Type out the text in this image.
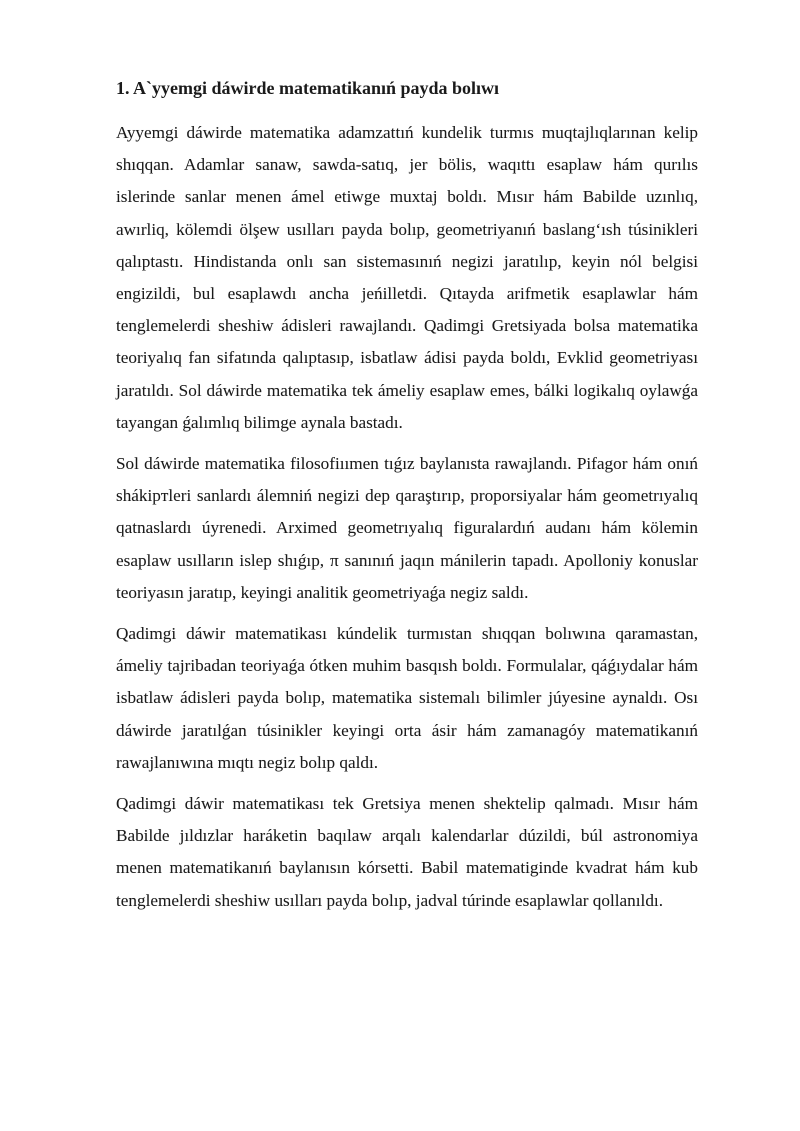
1. A`yyemgi dáwirde matematikanıń payda bolıwı

Ayyemgi dáwirde matematika adamzattıń kundelik turmıs muqtajlıqlarınan kelip shıqqan. Adamlar sanaw, sawda-satıq, jer bölis, waqıttı esaplaw hám qurılıs islerinde sanlar menen ámel etiwge muxtaj boldı. Mısır hám Babilde uzınlıq, awırliq, kölemdi ölşew usılları payda bolıp, geometriyanıń baslang‘ısh túsinikleri qalıptastı. Hindistanda onlı san sistemasınıń negizi jaratılıp, keyin nól belgisi engizildi, bul esaplawdı ancha jeńilletdi. Qıtayda arifmetik esaplawlar hám tenglemelerdi sheshiw ádisleri rawajlandı. Qadimgi Gretsiyada bolsa matematika teoriyalıq fan sifatında qalıptasıp, isbatlaw ádisi payda boldı, Evklid geometriyası jaratıldı. Sol dáwirde matematika tek ámeliy esaplaw emes, bálki logikalıq oylawǵa tayangan ǵalımlıq bilimge aynala bastadı.

Sol dáwirde matematika filosofiıımen tıǵız baylanısta rawajlandı. Pifagor hám onıń shákipтleri sanlardı álemniń negizi dep qaraştırıp, proporsiyalar hám geometrıyalıq qatnaslardı úyrenedi. Arximed geometrıyalıq figuralardıń audanı hám kölemin esaplaw usılların islep shıǵıp, π sanınıń jaqın mánilerin tapadı. Apolloniy konuslar teoriyasın jaratıp, keyingi analitik geometriyaǵa negiz saldı.

Qadimgi dáwir matematikası kúndelik turmıstan shıqqan bolıwına qaramastan, ámeliy tajribadan teoriyaǵa ótken muhim basqısh boldı. Formulalar, qáǵıydalar hám isbatlaw ádisleri payda bolıp, matematika sistemalı bilimler júyesine aynaldı. Osı dáwirde jaratılǵan túsinikler keyingi orta ásir hám zamanagóy matematikanıń rawajlanıwına mıqtı negiz bolıp qaldı.

Qadimgi dáwir matematikası tek Gretsiya menen shektelip qalmadı. Mısır hám Babilde jıldızlar haráketin baqılaw arqalı kalendarlar dúzildi, búl astronomiya menen matematikanıń baylanısın kórsetti. Babil matematiginde kvadrat hám kub tenglemelerdi sheshiw usılları payda bolıp, jadval túrinde esaplawlar qollanıldı.
